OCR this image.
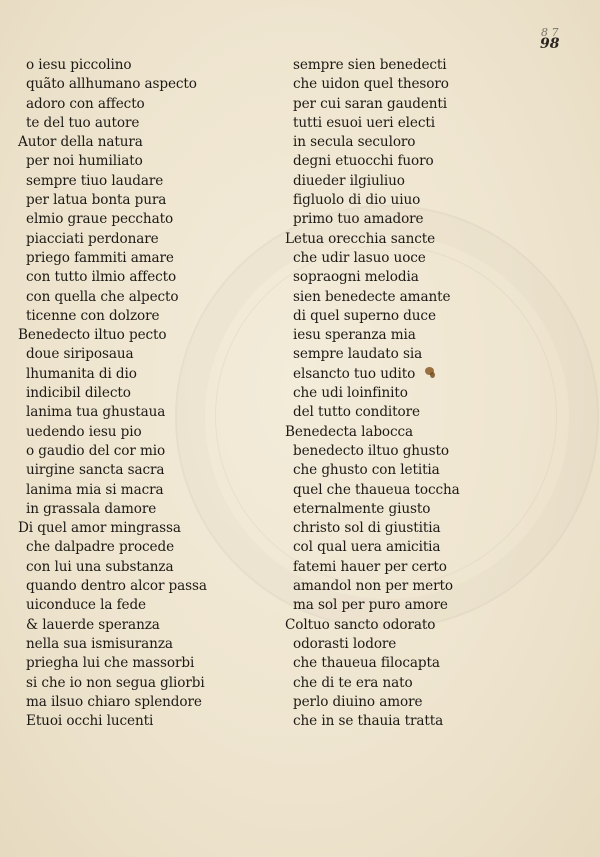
8 7
98
o iesu piccolino
quãto allhumano aspecto
adoro con affecto
te del tuo autore
Autor della natura
per noi humiliato
sempre tiuo laudare
per latua bonta pura
elmio graue pecchato
piacciati perdonare
priego fammiti amare
con tutto ilmio affecto
con quella che alpecto
ticenne con dolzore
Benedecto iltuo pecto
doue siriposaua
lhumanita di dio
indicibil dilecto
lanima tua ghustaua
uedendo iesu pio
o gaudio del cor mio
uirgine sancta sacra
lanima mia si macra
in grassala damore
Di quel amor mingrassa
che dalpadre procede
con lui una substanza
quando dentro alcor passa
uiconduce la fede
& lauerde speranza
nella sua ismisuranza
priegha lui che massorbi
si che io non segua gliorbi
ma ilsuo chiaro splendore
Etuoi occhi lucenti
sempre sien benedecti
che uidon quel thesoro
per cui saran gaudenti
tutti esuoi ueri electi
in secula seculoro
degni etuocchi fuoro
diueder ilgiuliuo
figluolo di dio uiuo
primo tuo amadore
Letua orecchia sancte
che udir lasuo uoce
sopraogni melodia
sien benedecte amante
di quel superno duce
iesu speranza mia
sempre laudato sia
elsancto tuo udito
che udi loinfinito
del tutto conditore
Benedecta labocca
benedecto iltuo ghusto
che ghusto con letitia
quel che thaueua toccha
eternalmente giusto
christo sol di giustitia
col qual uera amicitia
fatemi hauer per certo
amandol non per merto
ma sol per puro amore
Coltuo sancto odorato
odorasti lodore
che thaueua filocapta
che di te era nato
perlo diuino amore
che in se thauia tratta
